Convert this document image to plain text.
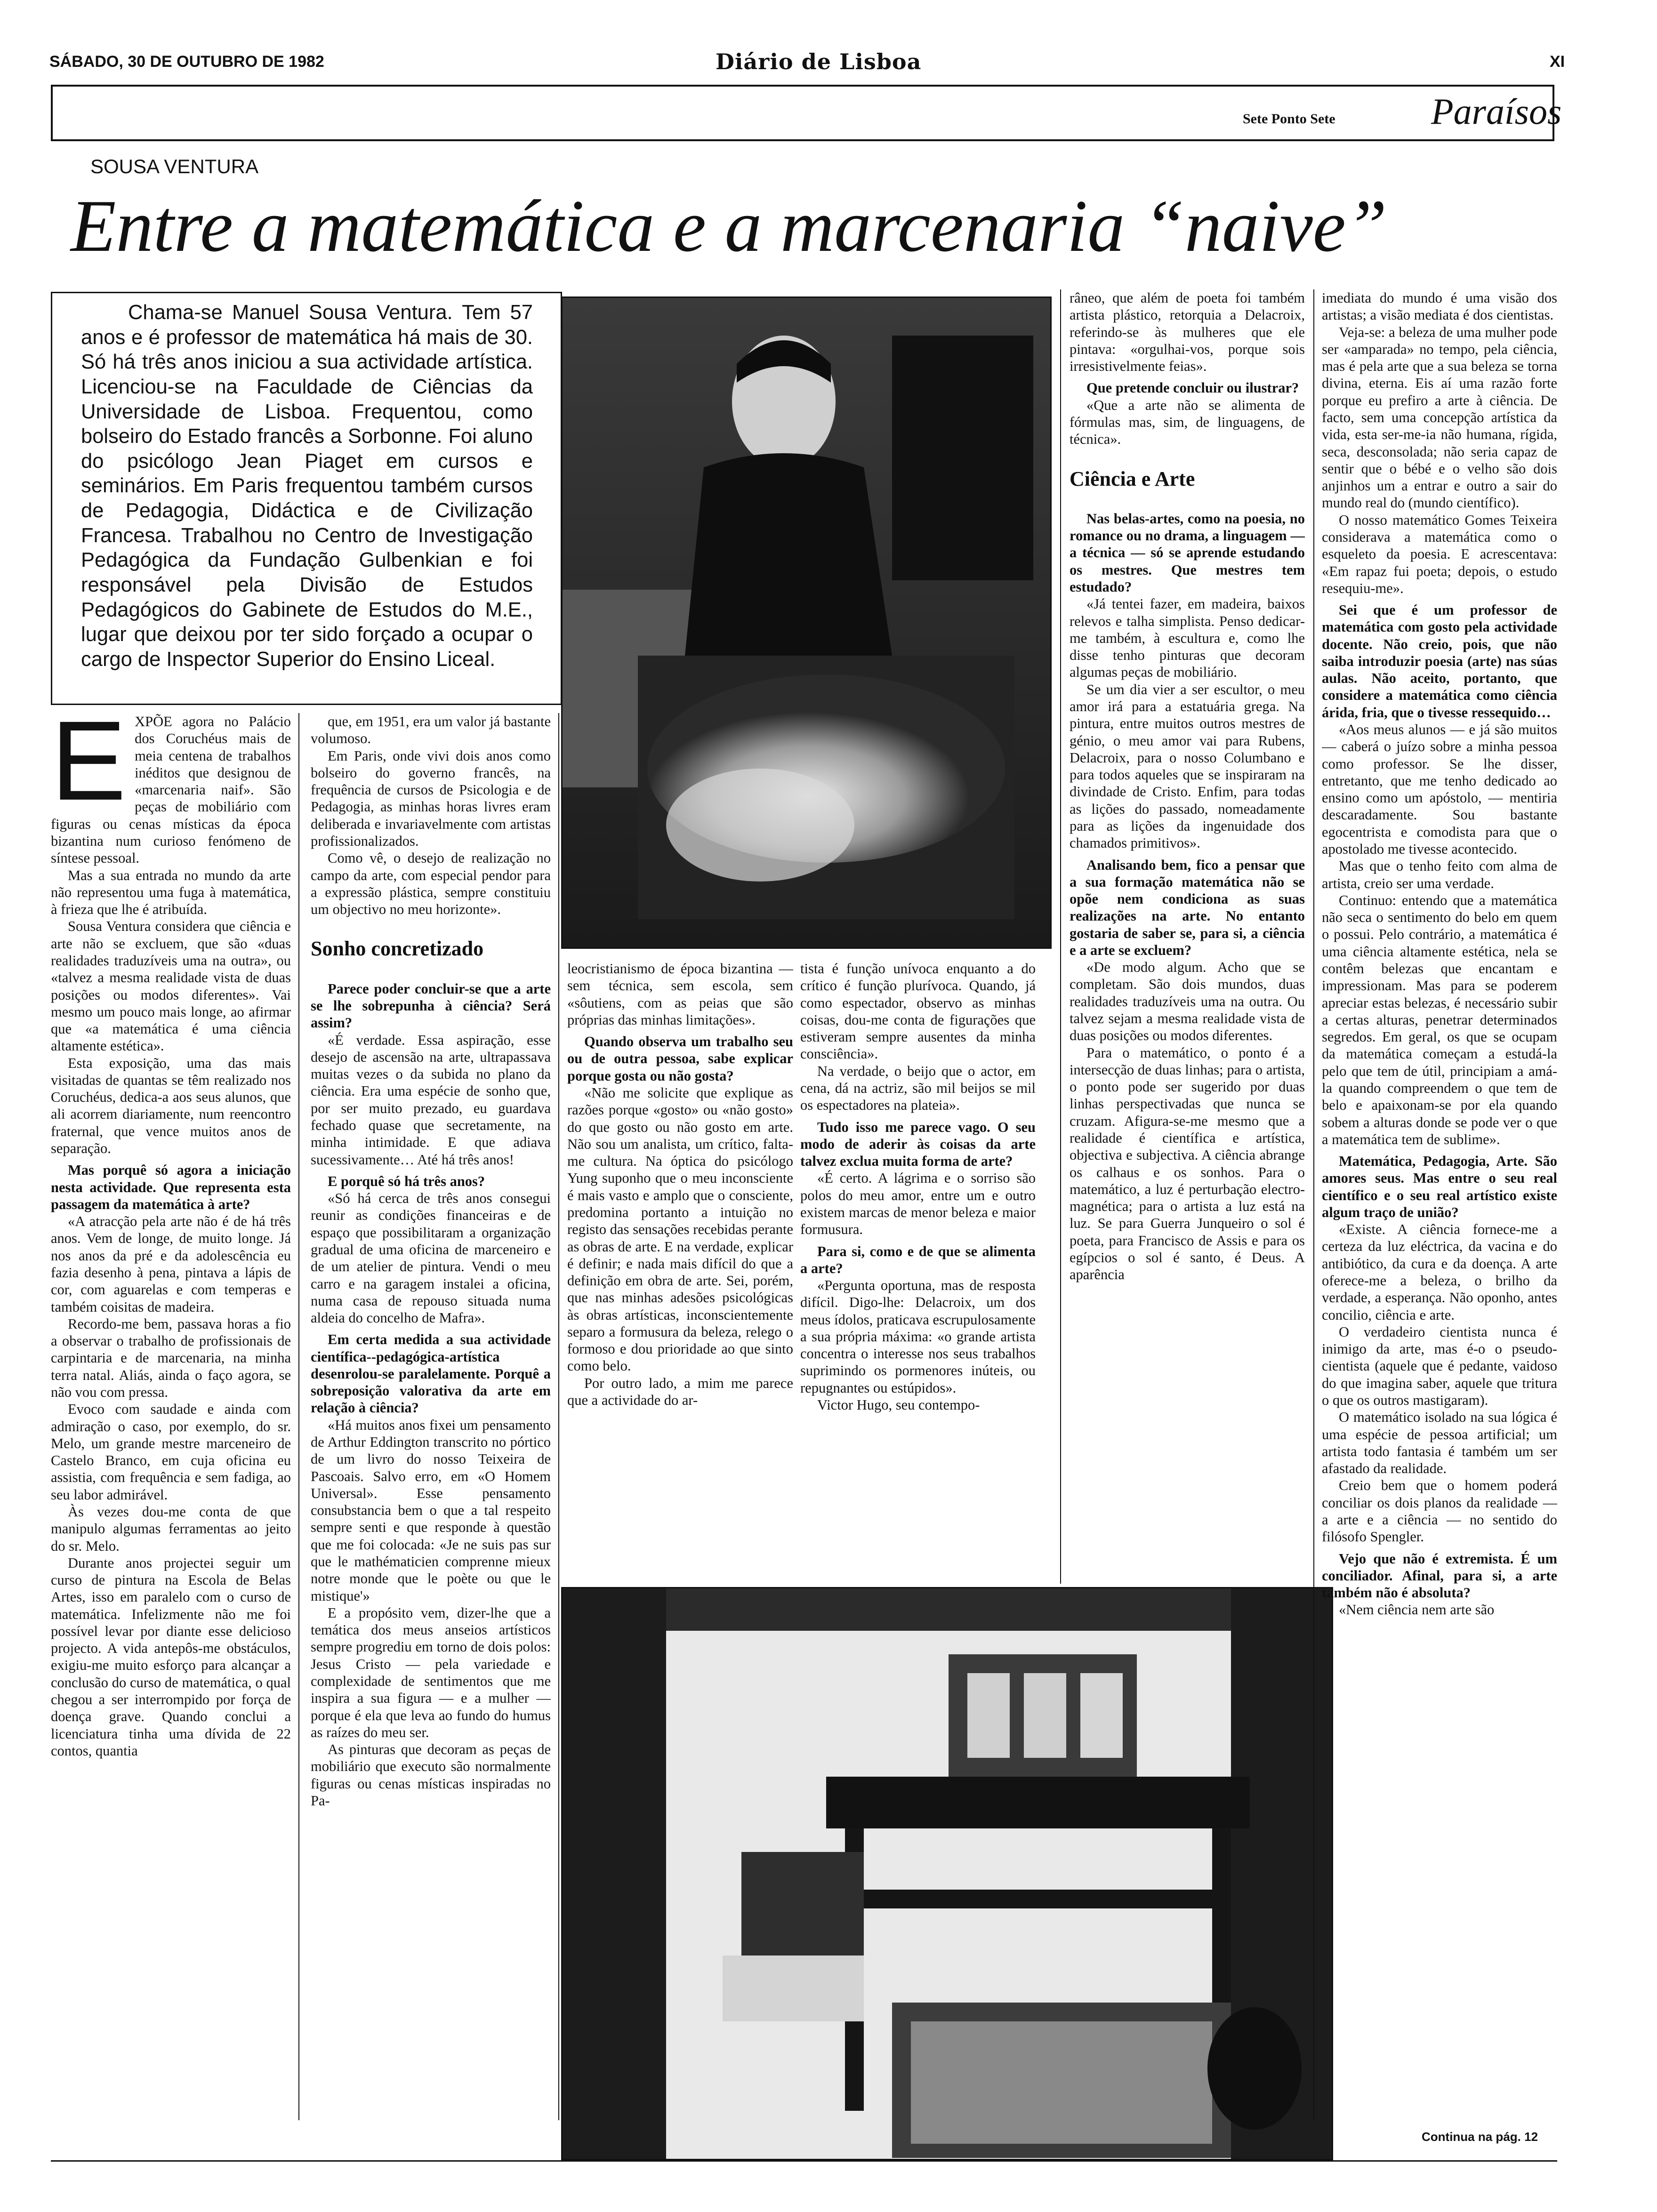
SÁBADO, 30 DE OUTUBRO DE 1982	Diário de Lisboa	XI
Sete Ponto Sete	Paraísos
SOUSA VENTURA
Entre a matemática e a marcenaria “naive”

Chama-se Manuel Sousa Ventura. Tem 57 anos e é professor de matemática há mais de 30. Só há três anos iniciou a sua actividade artística. Licenciou-se na Faculdade de Ciências da Universidade de Lisboa. Frequentou, como bolseiro do Estado francês a Sorbonne. Foi aluno do psicólogo Jean Piaget em cursos e seminários. Em Paris frequentou também cursos de Pedagogia, Didáctica e de Civilização Francesa. Trabalhou no Centro de Investigação Pedagógica da Fundação Gulbenkian e foi responsável pela Divisão de Estudos Pedagógicos do Gabinete de Estudos do M.E., lugar que deixou por ter sido forçado a ocupar o cargo de Inspector Superior do Ensino Liceal.

E XPÕE agora no Palácio dos Coruchéus mais de meia centena de trabalhos inéditos que designou de «marcenaria naif». São peças de mobiliário com figuras ou cenas místicas da época bizantina num curioso fenómeno de síntese pessoal.

Mas a sua entrada no mundo da arte não representou uma fuga à matemática, à frieza que lhe é atribuída.

Sousa Ventura considera que ciência e arte não se excluem, que são «duas realidades traduzíveis uma na outra», ou «talvez a mesma realidade vista de duas posições ou modos diferentes». Vai mesmo um pouco mais longe, ao afirmar que «a matemática é uma ciência altamente estética».

Esta exposição, uma das mais visitadas de quantas se têm realizado nos Coruchéus, dedica-a aos seus alunos, que ali acorrem diariamente, num reencontro fraternal, que vence muitos anos de separação.

Mas porquê só agora a iniciação nesta actividade. Que representa esta passagem da matemática à arte?

«A atracção pela arte não é de há três anos. Vem de longe, de muito longe. Já nos anos da pré e da adolescência eu fazia desenho à pena, pintava a lápis de cor, com aguarelas e com temperas e também coisitas de madeira.

Recordo-me bem, passava horas a fio a observar o trabalho de profissionais de carpintaria e de marcenaria, na minha terra natal. Aliás, ainda o faço agora, se não vou com pressa.

Evoco com saudade e ainda com admiração o caso, por exemplo, do sr. Melo, um grande mestre marceneiro de Castelo Branco, em cuja oficina eu assistia, com frequência e sem fadiga, ao seu labor admirável.

Às vezes dou-me conta de que manipulo algumas ferramentas ao jeito do sr. Melo.

Durante anos projectei seguir um curso de pintura na Escola de Belas Artes, isso em paralelo com o curso de matemática. Infelizmente não me foi possível levar por diante esse delicioso projecto. A vida antepôs-me obstáculos, exigiu-me muito esforço para alcançar a conclusão do curso de matemática, o qual chegou a ser interrompido por força de doença grave. Quando conclui a licenciatura tinha uma dívida de 22 contos, quantia

que, em 1951, era um valor já bastante volumoso.

Em Paris, onde vivi dois anos como bolseiro do governo francês, na frequência de cursos de Psicologia e de Pedagogia, as minhas horas livres eram deliberada e invariavelmente com artistas profissionalizados.

Como vê, o desejo de realização no campo da arte, com especial pendor para a expressão plástica, sempre constituiu um objectivo no meu horizonte».

Sonho concretizado

Parece poder concluir-se que a arte se lhe sobrepunha à ciência? Será assim?

«É verdade. Essa aspiração, esse desejo de ascensão na arte, ultrapassava muitas vezes o da subida no plano da ciência. Era uma espécie de sonho que, por ser muito prezado, eu guardava fechado quase que secretamente, na minha intimidade. E que adiava sucessivamente… Até há três anos!

E porquê só há três anos?

«Só há cerca de três anos consegui reunir as condições financeiras e de espaço que possibilitaram a organização gradual de uma oficina de marceneiro e de um atelier de pintura. Vendi o meu carro e na garagem instalei a oficina, numa casa de repouso situada numa aldeia do concelho de Mafra».

Em certa medida a sua actividade científica--pedagógica-artística desenrolou-se paralelamente. Porquê a sobreposição valorativa da arte em relação à ciência?

«Há muitos anos fixei um pensamento de Arthur Eddington transcrito no pórtico de um livro do nosso Teixeira de Pascoais. Salvo erro, em «O Homem Universal». Esse pensamento consubstancia bem o que a tal respeito sempre senti e que responde à questão que me foi colocada: «Je ne suis pas sur que le mathématicien comprenne mieux notre monde que le poète ou que le mistique'»

E a propósito vem, dizer-lhe que a temática dos meus anseios artísticos sempre progrediu em torno de dois polos: Jesus Cristo — pela variedade e complexidade de sentimentos que me inspira a sua figura — e a mulher — porque é ela que leva ao fundo do humus as raízes do meu ser.

As pinturas que decoram as peças de mobiliário que executo são normalmente figuras ou cenas místicas inspiradas no Pa-

leocristianismo de época bizantina — sem técnica, sem escola, sem «sôutiens, com as peias que são próprias das minhas limitações».

Quando observa um trabalho seu ou de outra pessoa, sabe explicar porque gosta ou não gosta?

«Não me solicite que explique as razões porque «gosto» ou «não gosto» do que gosto ou não gosto em arte. Não sou um analista, um crítico, falta-me cultura. Na óptica do psicólogo Yung suponho que o meu inconsciente é mais vasto e amplo que o consciente, predomina portanto a intuição no registo das sensações recebidas perante as obras de arte. E na verdade, explicar é definir; e nada mais difícil do que a definição em obra de arte. Sei, porém, que nas minhas adesões psicológicas às obras artísticas, inconscientemente separo a formusura da beleza, relego o formoso e dou prioridade ao que sinto como belo.

Por outro lado, a mim me parece que a actividade do ar-

tista é função unívoca enquanto a do crítico é função plurívoca. Quando, já como espectador, observo as minhas coisas, dou-me conta de figurações que estiveram sempre ausentes da minha consciência».

Na verdade, o beijo que o actor, em cena, dá na actriz, são mil beijos se mil os espectadores na plateia».

Tudo isso me parece vago. O seu modo de aderir às coisas da arte talvez exclua muita forma de arte?

«É certo. A lágrima e o sorriso são polos do meu amor, entre um e outro existem marcas de menor beleza e maior formusura.

Para si, como e de que se alimenta a arte?

«Pergunta oportuna, mas de resposta difícil. Digo-lhe: Delacroix, um dos meus ídolos, praticava escrupulosamente a sua própria máxima: «o grande artista concentra o interesse nos seus trabalhos suprimindo os pormenores inúteis, ou repugnantes ou estúpidos».

Victor Hugo, seu contempo-

râneo, que além de poeta foi também artista plástico, retorquia a Delacroix, referindo-se às mulheres que ele pintava: «orgulhai-vos, porque sois irresistivelmente feias».

Que pretende concluir ou ilustrar?

«Que a arte não se alimenta de fórmulas mas, sim, de linguagens, de técnica».

Ciência e Arte

Nas belas-artes, como na poesia, no romance ou no drama, a linguagem — a técnica — só se aprende estudando os mestres. Que mestres tem estudado?

«Já tentei fazer, em madeira, baixos relevos e talha simplista. Penso dedicar-me também, à escultura e, como lhe disse tenho pinturas que decoram algumas peças de mobiliário.

Se um dia vier a ser escultor, o meu amor irá para a estatuária grega. Na pintura, entre muitos outros mestres de génio, o meu amor vai para Rubens, Delacroix, para o nosso Columbano e para todos aqueles que se inspiraram na divindade de Cristo. Enfim, para todas as lições do passado, nomeadamente para as lições da ingenuidade dos chamados primitivos».

Analisando bem, fico a pensar que a sua formação matemática não se opõe nem condiciona as suas realizações na arte. No entanto gostaria de saber se, para si, a ciência e a arte se excluem?

«De modo algum. Acho que se completam. São dois mundos, duas realidades traduzíveis uma na outra. Ou talvez sejam a mesma realidade vista de duas posições ou modos diferentes.

Para o matemático, o ponto é a intersecção de duas linhas; para o artista, o ponto pode ser sugerido por duas linhas perspectivadas que nunca se cruzam. Afigura-se-me mesmo que a realidade é científica e artística, objectiva e subjectiva. A ciência abrange os calhaus e os sonhos. Para o matemático, a luz é perturbação electro-magnética; para o artista a luz está na luz. Se para Guerra Junqueiro o sol é poeta, para Francisco de Assis e para os egípcios o sol é santo, é Deus. A aparência

imediata do mundo é uma visão dos artistas; a visão mediata é dos cientistas.

Veja-se: a beleza de uma mulher pode ser «amparada» no tempo, pela ciência, mas é pela arte que a sua beleza se torna divina, eterna. Eis aí uma razão forte porque eu prefiro a arte à ciência. De facto, sem uma concepção artística da vida, esta ser-me-ia não humana, rígida, seca, desconsolada; não seria capaz de sentir que o bébé e o velho são dois anjinhos um a entrar e outro a sair do mundo real do (mundo científico).

O nosso matemático Gomes Teixeira considerava a matemática como o esqueleto da poesia. E acrescentava: «Em rapaz fui poeta; depois, o estudo resequiu-me».

Sei que é um professor de matemática com gosto pela actividade docente. Não creio, pois, que não saiba introduzir poesia (arte) nas súas aulas. Não aceito, portanto, que considere a matemática como ciência árida, fria, que o tivesse ressequido…

«Aos meus alunos — e já são muitos — caberá o juízo sobre a minha pessoa como professor. Se lhe disser, entretanto, que me tenho dedicado ao ensino como um apóstolo, — mentiria descaradamente. Sou bastante egocentrista e comodista para que o apostolado me tivesse acontecido.

Mas que o tenho feito com alma de artista, creio ser uma verdade.

Continuo: entendo que a matemática não seca o sentimento do belo em quem o possui. Pelo contrário, a matemática é uma ciência altamente estética, nela se contêm belezas que encantam e impressionam. Mas para se poderem apreciar estas belezas, é necessário subir a certas alturas, penetrar determinados segredos. Em geral, os que se ocupam da matemática começam a estudá-la pelo que tem de útil, principiam a amá-la quando compreendem o que tem de belo e apaixonam-se por ela quando sobem a alturas donde se pode ver o que a matemática tem de sublime».

Matemática, Pedagogia, Arte. São amores seus. Mas entre o seu real científico e o seu real artístico existe algum traço de união?

«Existe. A ciência fornece-me a certeza da luz eléctrica, da vacina e do antibiótico, da cura e da doença. A arte oferece-me a beleza, o brilho da verdade, a esperança. Não oponho, antes concilio, ciência e arte.

O verdadeiro cientista nunca é inimigo da arte, mas é-o o pseudo-cientista (aquele que é pedante, vaidoso do que imagina saber, aquele que tritura o que os outros mastigaram).

O matemático isolado na sua lógica é uma espécie de pessoa artificial; um artista todo fantasia é também um ser afastado da realidade.

Creio bem que o homem poderá conciliar os dois planos da realidade — a arte e a ciência — no sentido do filósofo Spengler.

Vejo que não é extremista. É um conciliador. Afinal, para si, a arte também não é absoluta?

«Nem ciência nem arte são

Continua na pág. 12
